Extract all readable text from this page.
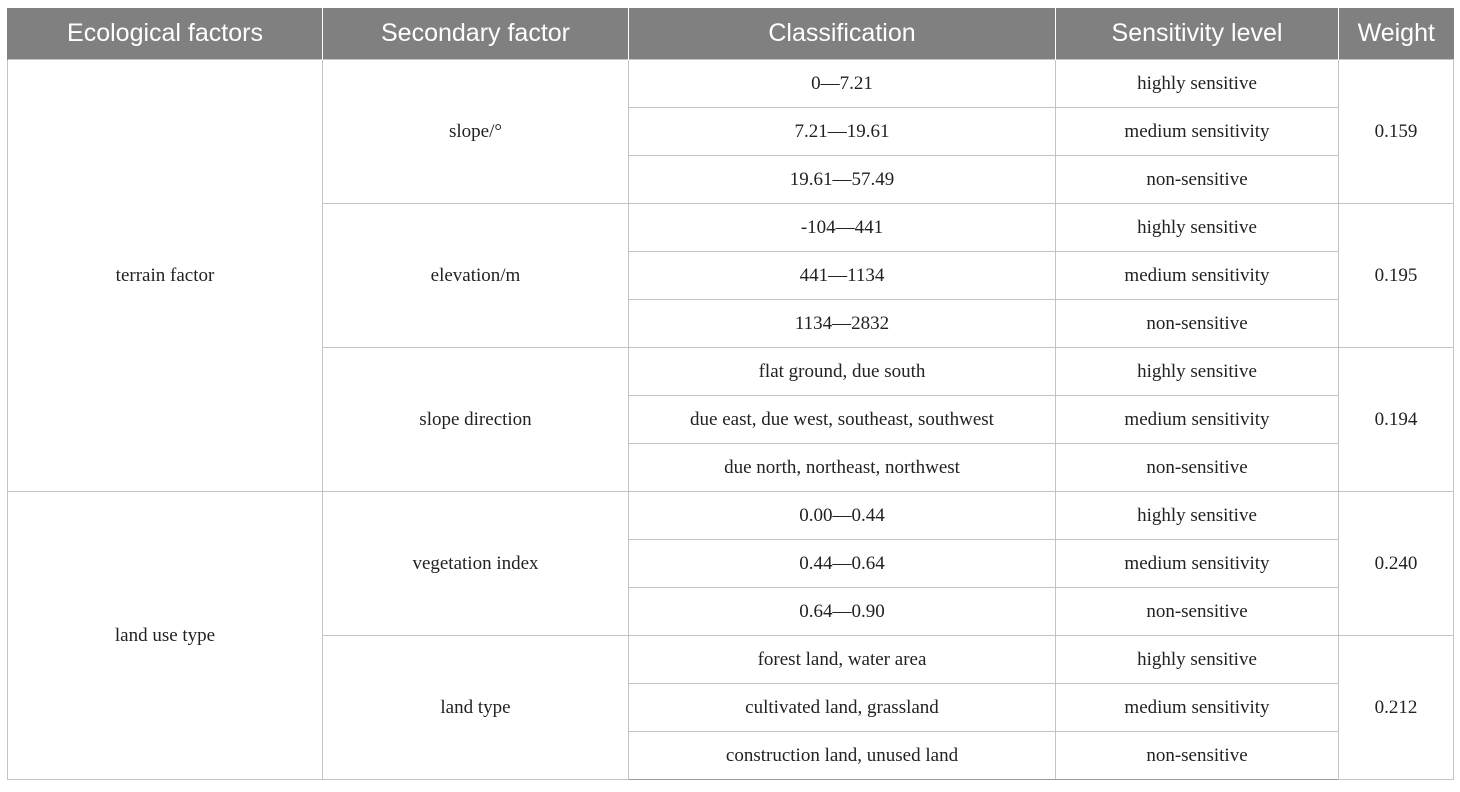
Ecological factors	Secondary factor	Classification	Sensitivity level	Weight
terrain factor	slope/°	0—7.21	highly sensitive	0.159
		7.21—19.61	medium sensitivity	
		19.61—57.49	non-sensitive	
	elevation/m	-104—441	highly sensitive	0.195
		441—1134	medium sensitivity	
		1134—2832	non-sensitive	
	slope direction	flat ground, due south	highly sensitive	0.194
		due east, due west, southeast, southwest	medium sensitivity	
		due north, northeast, northwest	non-sensitive	
land use type	vegetation index	0.00—0.44	highly sensitive	0.240
		0.44—0.64	medium sensitivity	
		0.64—0.90	non-sensitive	
	land type	forest land, water area	highly sensitive	0.212
		cultivated land, grassland	medium sensitivity	
		construction land, unused land	non-sensitive	
